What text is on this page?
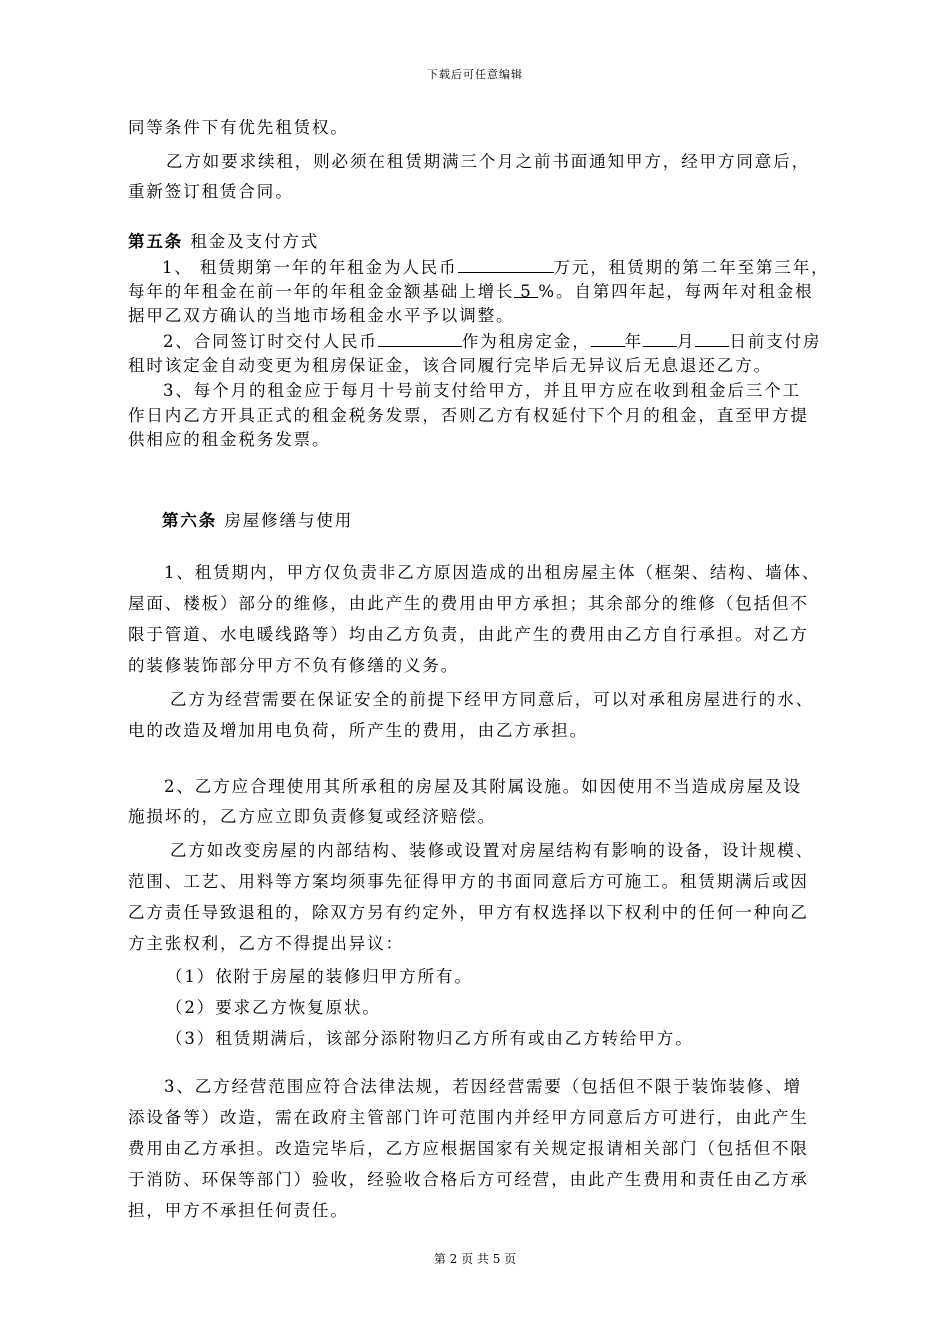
下载后可任意编辑
同等条件下有优先租赁权。
乙方如要求续租，则必须在租赁期满三个月之前书面通知甲方，经甲方同意后，
重新签订租赁合同。
第五条 租金及支付方式
1、 租赁期第一年的年租金为人民币	万元，租赁期的第二年至第三年，
每年的年租金在前一年的年租金金额基础上增长 5 %。自第四年起，每两年对租金根
据甲乙双方确认的当地市场租金水平予以调整。
2、合同签订时交付人民币	作为租房定金， 年 月 日前支付房
租时该定金自动变更为租房保证金，该合同履行完毕后无异议后无息退还乙方。
3、每个月的租金应于每月十号前支付给甲方，并且甲方应在收到租金后三个工
作日内乙方开具正式的租金税务发票，否则乙方有权延付下个月的租金，直至甲方提
供相应的租金税务发票。
第六条 房屋修缮与使用
1、租赁期内，甲方仅负责非乙方原因造成的出租房屋主体（框架、结构、墙体、
屋面、楼板）部分的维修，由此产生的费用由甲方承担；其余部分的维修（包括但不
限于管道、水电暖线路等）均由乙方负责，由此产生的费用由乙方自行承担。对乙方
的装修装饰部分甲方不负有修缮的义务。
乙方为经营需要在保证安全的前提下经甲方同意后，可以对承租房屋进行的水、
电的改造及增加用电负荷，所产生的费用，由乙方承担。
2、乙方应合理使用其所承租的房屋及其附属设施。如因使用不当造成房屋及设
施损坏的，乙方应立即负责修复或经济赔偿。
乙方如改变房屋的内部结构、装修或设置对房屋结构有影响的设备，设计规模、
范围、工艺、用料等方案均须事先征得甲方的书面同意后方可施工。租赁期满后或因
乙方责任导致退租的，除双方另有约定外，甲方有权选择以下权利中的任何一种向乙
方主张权利，乙方不得提出异议：
（1）依附于房屋的装修归甲方所有。
（2）要求乙方恢复原状。
（3）租赁期满后，该部分添附物归乙方所有或由乙方转给甲方。
3、乙方经营范围应符合法律法规，若因经营需要（包括但不限于装饰装修、增
添设备等）改造，需在政府主管部门许可范围内并经甲方同意后方可进行，由此产生
费用由乙方承担。改造完毕后，乙方应根据国家有关规定报请相关部门（包括但不限
于消防、环保等部门）验收，经验收合格后方可经营，由此产生费用和责任由乙方承
担，甲方不承担任何责任。
第 2 页 共 5 页
